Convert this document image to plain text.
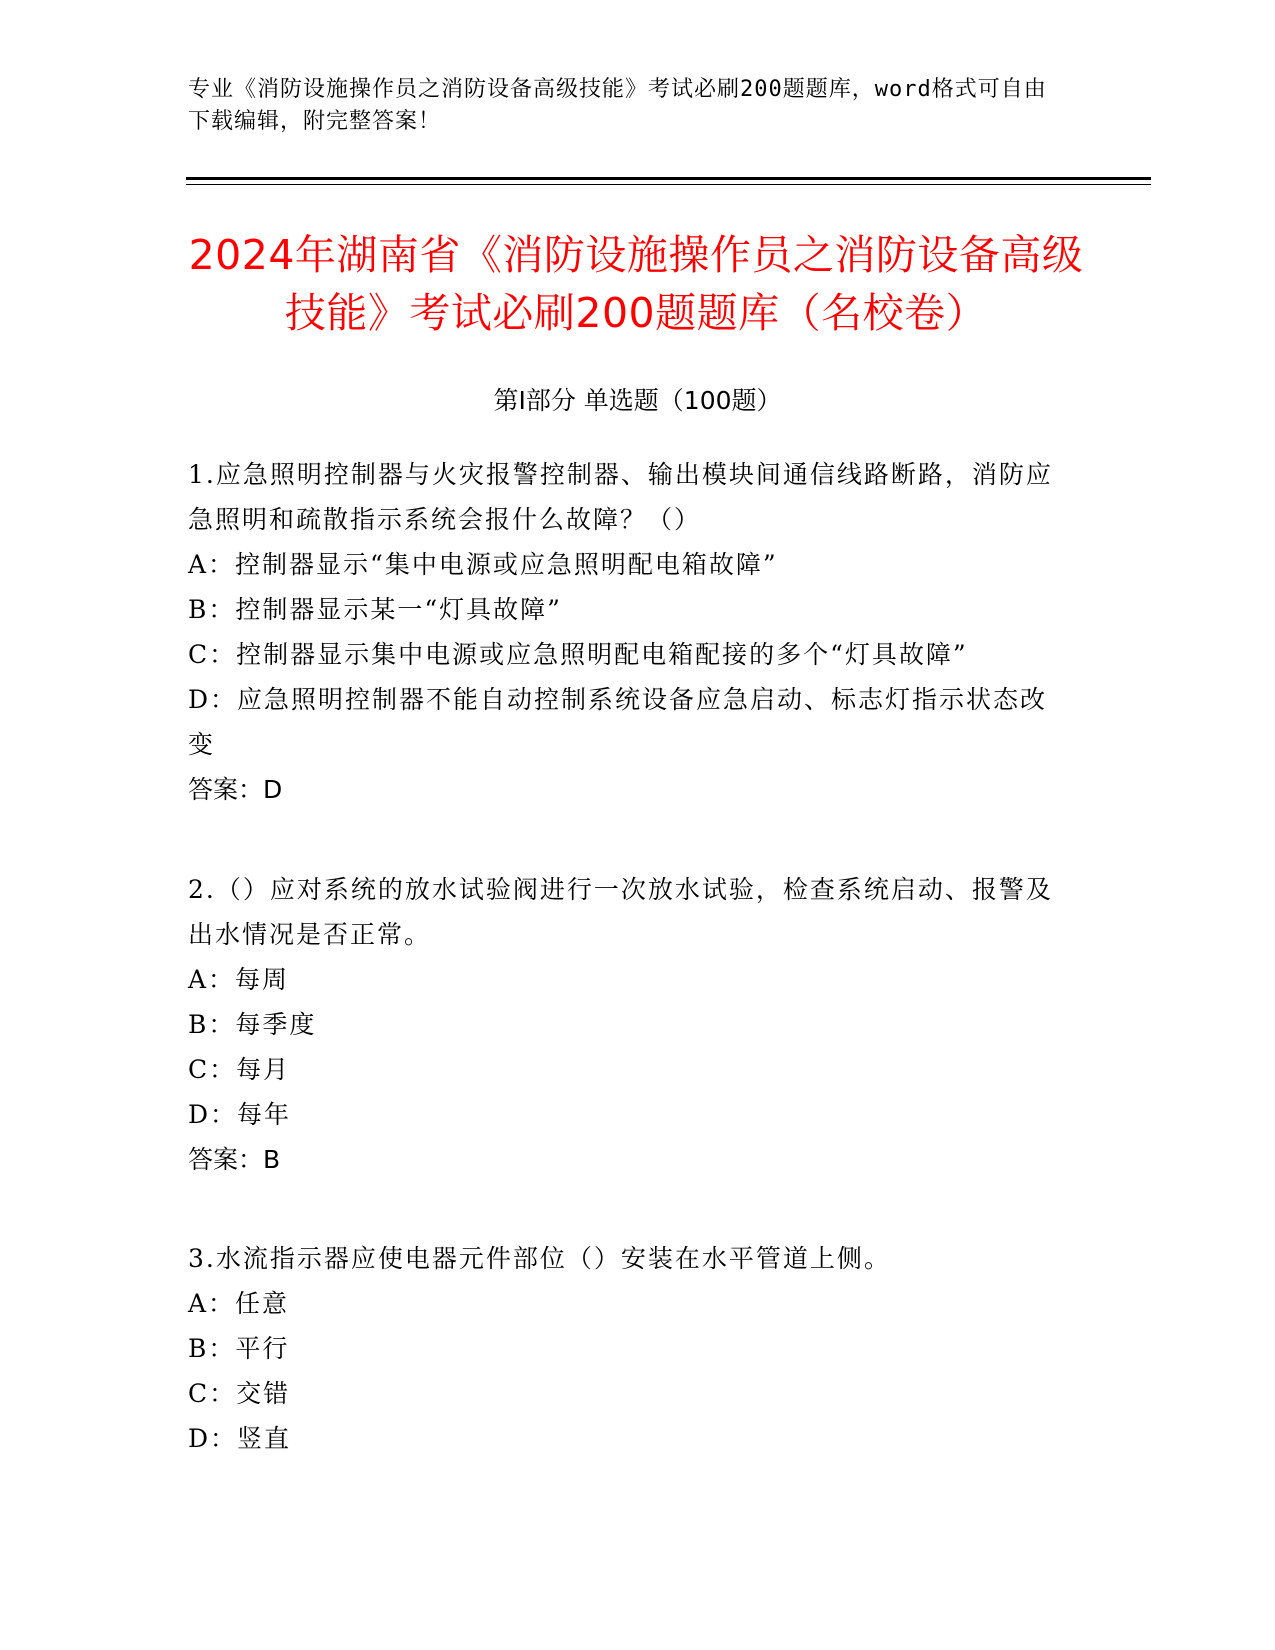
专业《消防设施操作员之消防设备高级技能》考试必刷200题题库，word格式可自由下载编辑，附完整答案！
2024年湖南省《消防设施操作员之消防设备高级技能》考试必刷200题题库（名校卷）
第Ⅰ部分 单选题（100题）

1.应急照明控制器与火灾报警控制器、输出模块间通信线路断路，消防应急照明和疏散指示系统会报什么故障？（）

A：控制器显示“集中电源或应急照明配电箱故障”

B：控制器显示某一“灯具故障”

C：控制器显示集中电源或应急照明配电箱配接的多个“灯具故障”

D：应急照明控制器不能自动控制系统设备应急启动、标志灯指示状态改变

答案：D

2.（）应对系统的放水试验阀进行一次放水试验，检查系统启动、报警及出水情况是否正常。

A：每周

B：每季度

C：每月

D：每年

答案：B

3.水流指示器应使电器元件部位（）安装在水平管道上侧。

A：任意

B：平行

C：交错

D：竖直
